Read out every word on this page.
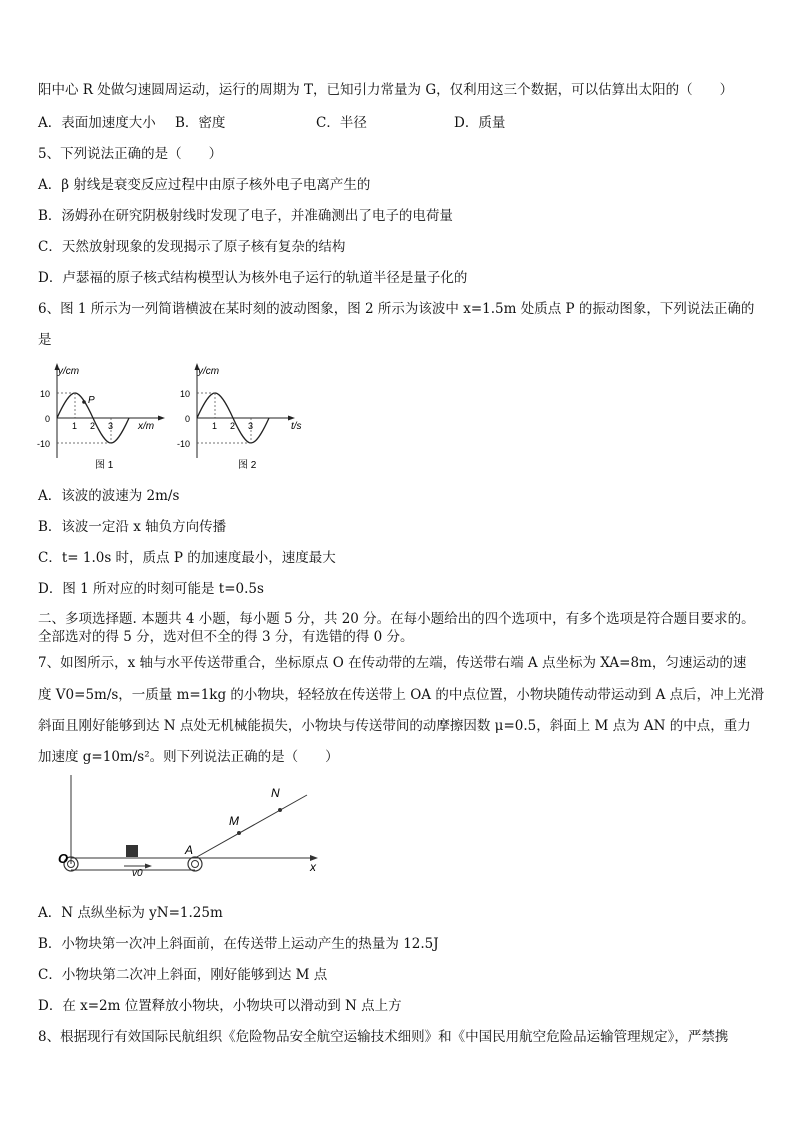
阳中心 R 处做匀速圆周运动，运行的周期为 T，已知引力常量为 G，仅利用这三个数据，可以估算出太阳的（　　）
A．表面加速度大小 B．密度	C．半径	D．质量
5、下列说法正确的是（　　）
A．β 射线是衰变反应过程中由原子核外电子电离产生的
B．汤姆孙在研究阴极射线时发现了电子，并准确测出了电子的电荷量
C．天然放射现象的发现揭示了原子核有复杂的结构
D．卢瑟福的原子核式结构模型认为核外电子运行的轨道半径是量子化的
6、图 1 所示为一列简谐横波在某时刻的波动图象，图 2 所示为该波中 x=1.5m 处质点 P 的振动图象，下列说法正确的
是
y/cm
x/m
P
10
0
-10
1 2 3
图 1
y/cm
t/s
10
0
-10
1 2 3
图 2
A．该波的波速为 2m/s
B．该波一定沿 x 轴负方向传播
C．t= 1.0s 时，质点 P 的加速度最小，速度最大
D．图 1 所对应的时刻可能是 t=0.5s
二、多项选择题. 本题共 4 小题，每小题 5 分，共 20 分。在每小题给出的四个选项中，有多个选项是符合题目要求的。
全部选对的得 5 分，选对但不全的得 3 分，有选错的得 0 分。
7、如图所示，x 轴与水平传送带重合，坐标原点 O 在传动带的左端，传送带右端 A 点坐标为 XA=8m，匀速运动的速
度 V0=5m/s，一质量 m=1kg 的小物块，轻轻放在传送带上 OA 的中点位置，小物块随传动带运动到 A 点后，冲上光滑
斜面且刚好能够到达 N 点处无机械能损失，小物块与传送带间的动摩擦因数 μ=0.5，斜面上 M 点为 AN 的中点，重力
加速度 g=10m/s²。则下列说法正确的是（　　）
O
A
M
N
x
v0
A．N 点纵坐标为 yN=1.25m
B．小物块第一次冲上斜面前，在传送带上运动产生的热量为 12.5J
C．小物块第二次冲上斜面，刚好能够到达 M 点
D．在 x=2m 位置释放小物块，小物块可以滑动到 N 点上方
8、根据现行有效国际民航组织《危险物品安全航空运输技术细则》和《中国民用航空危险品运输管理规定》，严禁携
